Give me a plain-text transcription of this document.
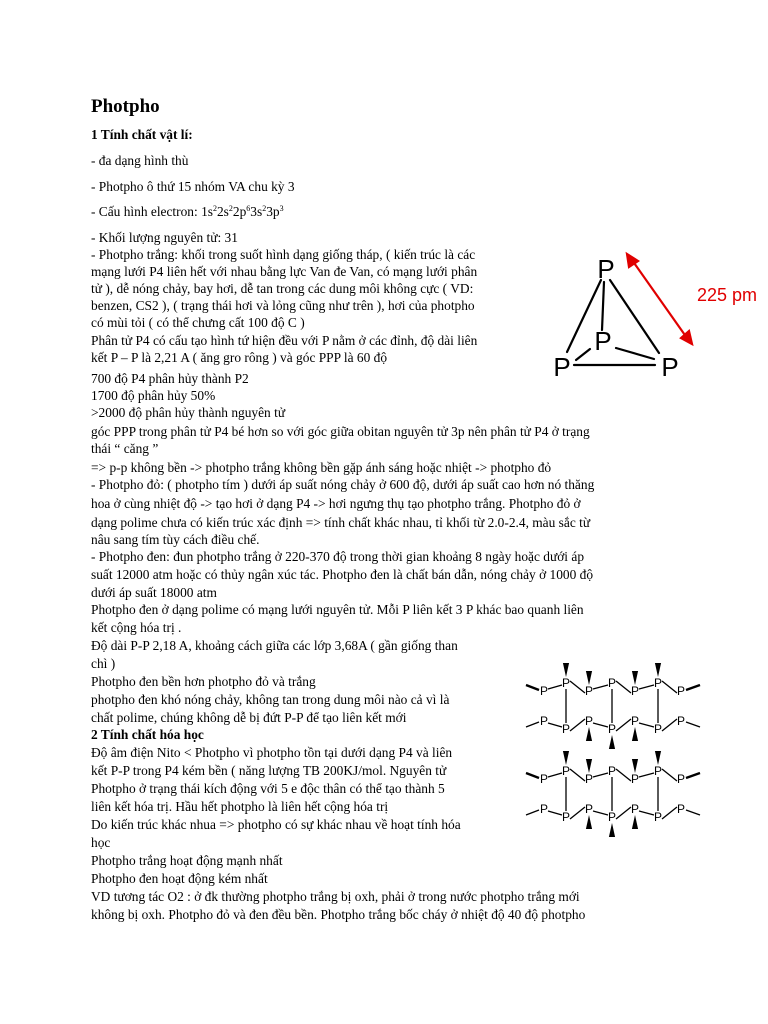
Photpho
1 Tính chất vật lí:
- đa dạng hình thù
- Photpho ô thứ 15 nhóm VA chu kỳ 3
- Cấu hình electron: $1s^22s^22p^63s^23p^3$
- Khối lượng nguyên tử: 31
- Photpho trắng: khối trong suốt hình dạng giống tháp, ( kiến trúc là các
mạng lưới P4 liên hết với nhau bằng lực Van đe Van, có mạng lưới phân
tử ), dễ nóng chảy, bay hơi, dễ tan trong các dung môi không cực ( VD:
benzen, CS2 ), ( trạng thái hơi và lỏng cũng như trên ), hơi của photpho
có mùi tỏi ( có thể chưng cất 100 độ C )
Phân tử P4 có cấu tạo hình tứ hiện đều với P nằm ở các đỉnh, độ dài liên
kết P – P là 2,21 A ( ăng gro rông ) và góc PPP là 60 độ
700 độ P4 phân hủy thành P2
1700 độ phân hủy 50%
>2000 độ phân hủy thành nguyên tử
góc PPP trong phân tử P4 bé hơn so với góc giữa obitan nguyên tử 3p nên phân tử P4 ở trạng
thái “ căng ”
=> p-p không bền -> photpho trắng không bền gặp ánh sáng hoặc nhiệt -> photpho đỏ
- Photpho đỏ: ( photpho tím ) dưới áp suất nóng chảy ở 600 độ, dưới áp suất cao hơn nó thăng
hoa ở cùng nhiệt độ -> tạo hơi ở dạng P4 -> hơi ngưng thụ tạo photpho trắng. Photpho đỏ ở
dạng polime chưa có kiến trúc xác định => tính chất khác nhau, tỉ khối từ 2.0-2.4, màu sắc từ
nâu sang tím tùy cách điều chế.
- Photpho đen: đun photpho trắng ở 220-370 độ trong thời gian khoảng 8 ngày hoặc dưới áp
suất 12000 atm hoặc có thủy ngân xúc tác. Photpho đen là chất bán dẫn, nóng chảy ở 1000 độ
dưới áp suất 18000 atm
Photpho đen ở dạng polime có mạng lưới nguyên tử. Mỗi P liên kết 3 P khác bao quanh liên
kết cộng hóa trị .
Độ dài P-P 2,18 A, khoảng cách giữa các lớp 3,68A ( gần giống than
chì )
Photpho đen bền hơn photpho đỏ và trắng
photpho đen khó nóng chảy, không tan trong dung môi nào cả vì là
chất polime, chúng không dễ bị đứt P-P để tạo liên kết mới
2 Tính chất hóa học
Độ âm điện Nito < Photpho vì photpho tồn tại dưới dạng P4 và liên
kết P-P trong P4 kém bền ( năng lượng TB 200KJ/mol. Nguyên tử
Photpho ở trạng thái kích động với 5 e độc thân có thể tạo thành 5
liên kết hóa trị. Hầu hết photpho là liên hết cộng hóa trị
Do kiến trúc khác nhua => photpho có sự khác nhau về hoạt tính hóa
học
Photpho trắng hoạt động mạnh nhất
Photpho đen hoạt động kém nhất
VD tương tác O2 : ở đk thường photpho trắng bị oxh, phải ở trong nước photpho trắng mới
không bị oxh. Photpho đỏ và đen đều bền. Photpho trắng bốc cháy ở nhiệt độ 40 độ photpho
P
P
P	P
225 pm
P
P
P
P
P
P
P
P
P
P
P
P
P
P
P
P
P
P
P
P
P
P
P
P
P
P
P
P
